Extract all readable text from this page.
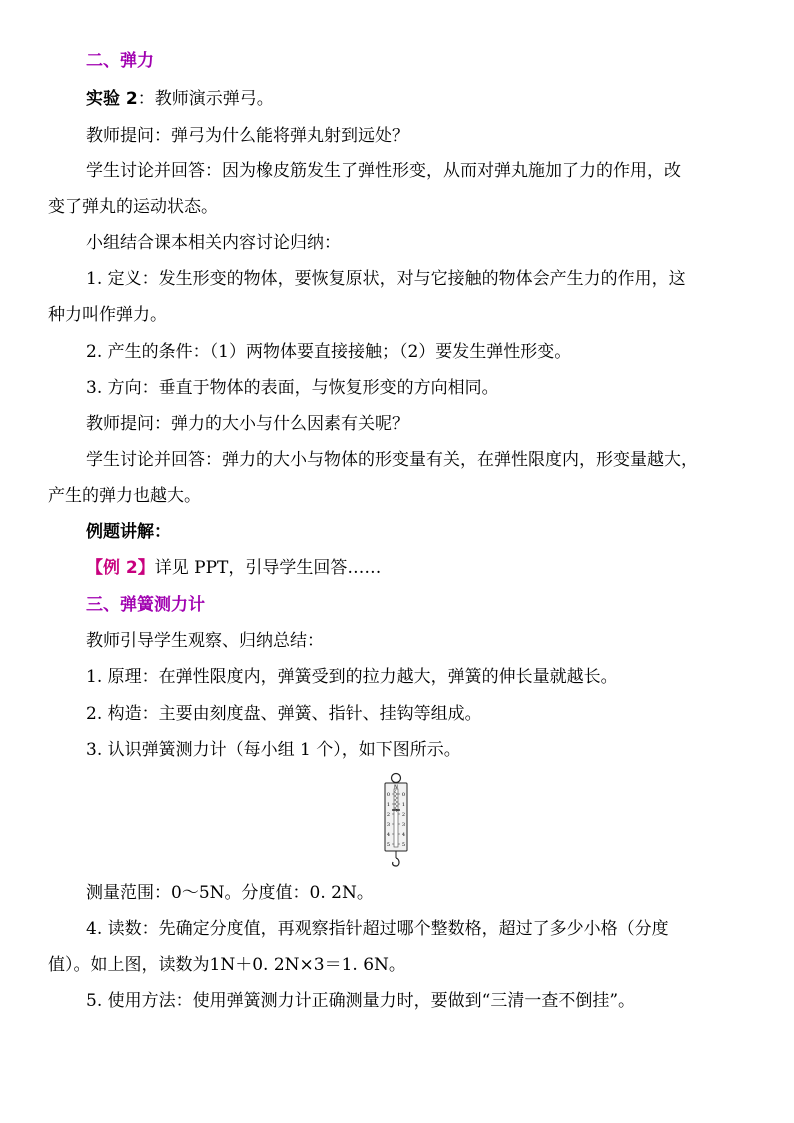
二、弹力
实验 2：教师演示弹弓。
教师提问：弹弓为什么能将弹丸射到远处？
学生讨论并回答：因为橡皮筋发生了弹性形变，从而对弹丸施加了力的作用，改
变了弹丸的运动状态。
小组结合课本相关内容讨论归纳：
1. 定义：发生形变的物体，要恢复原状，对与它接触的物体会产生力的作用，这
种力叫作弹力。
2. 产生的条件：（1）两物体要直接接触；（2）要发生弹性形变。
3. 方向：垂直于物体的表面，与恢复形变的方向相同。
教师提问：弹力的大小与什么因素有关呢？
学生讨论并回答：弹力的大小与物体的形变量有关，在弹性限度内，形变量越大，
产生的弹力也越大。
例题讲解：
【例 2】详见 PPT，引导学生回答……
三、弹簧测力计
教师引导学生观察、归纳总结：
1. 原理：在弹性限度内，弹簧受到的拉力越大，弹簧的伸长量就越长。
2. 构造：主要由刻度盘、弹簧、指针、挂钩等组成。
3. 认识弹簧测力计（每小组 1 个），如下图所示。
N
0 0
1 1
2 2
3 3
4 4
5 5
测量范围：0～5N。分度值：0. 2N。
4. 读数：先确定分度值，再观察指针超过哪个整数格，超过了多少小格（分度
值）。如上图，读数为1N＋0. 2N×3＝1. 6N。
5. 使用方法：使用弹簧测力计正确测量力时，要做到“三清一查不倒挂”。
